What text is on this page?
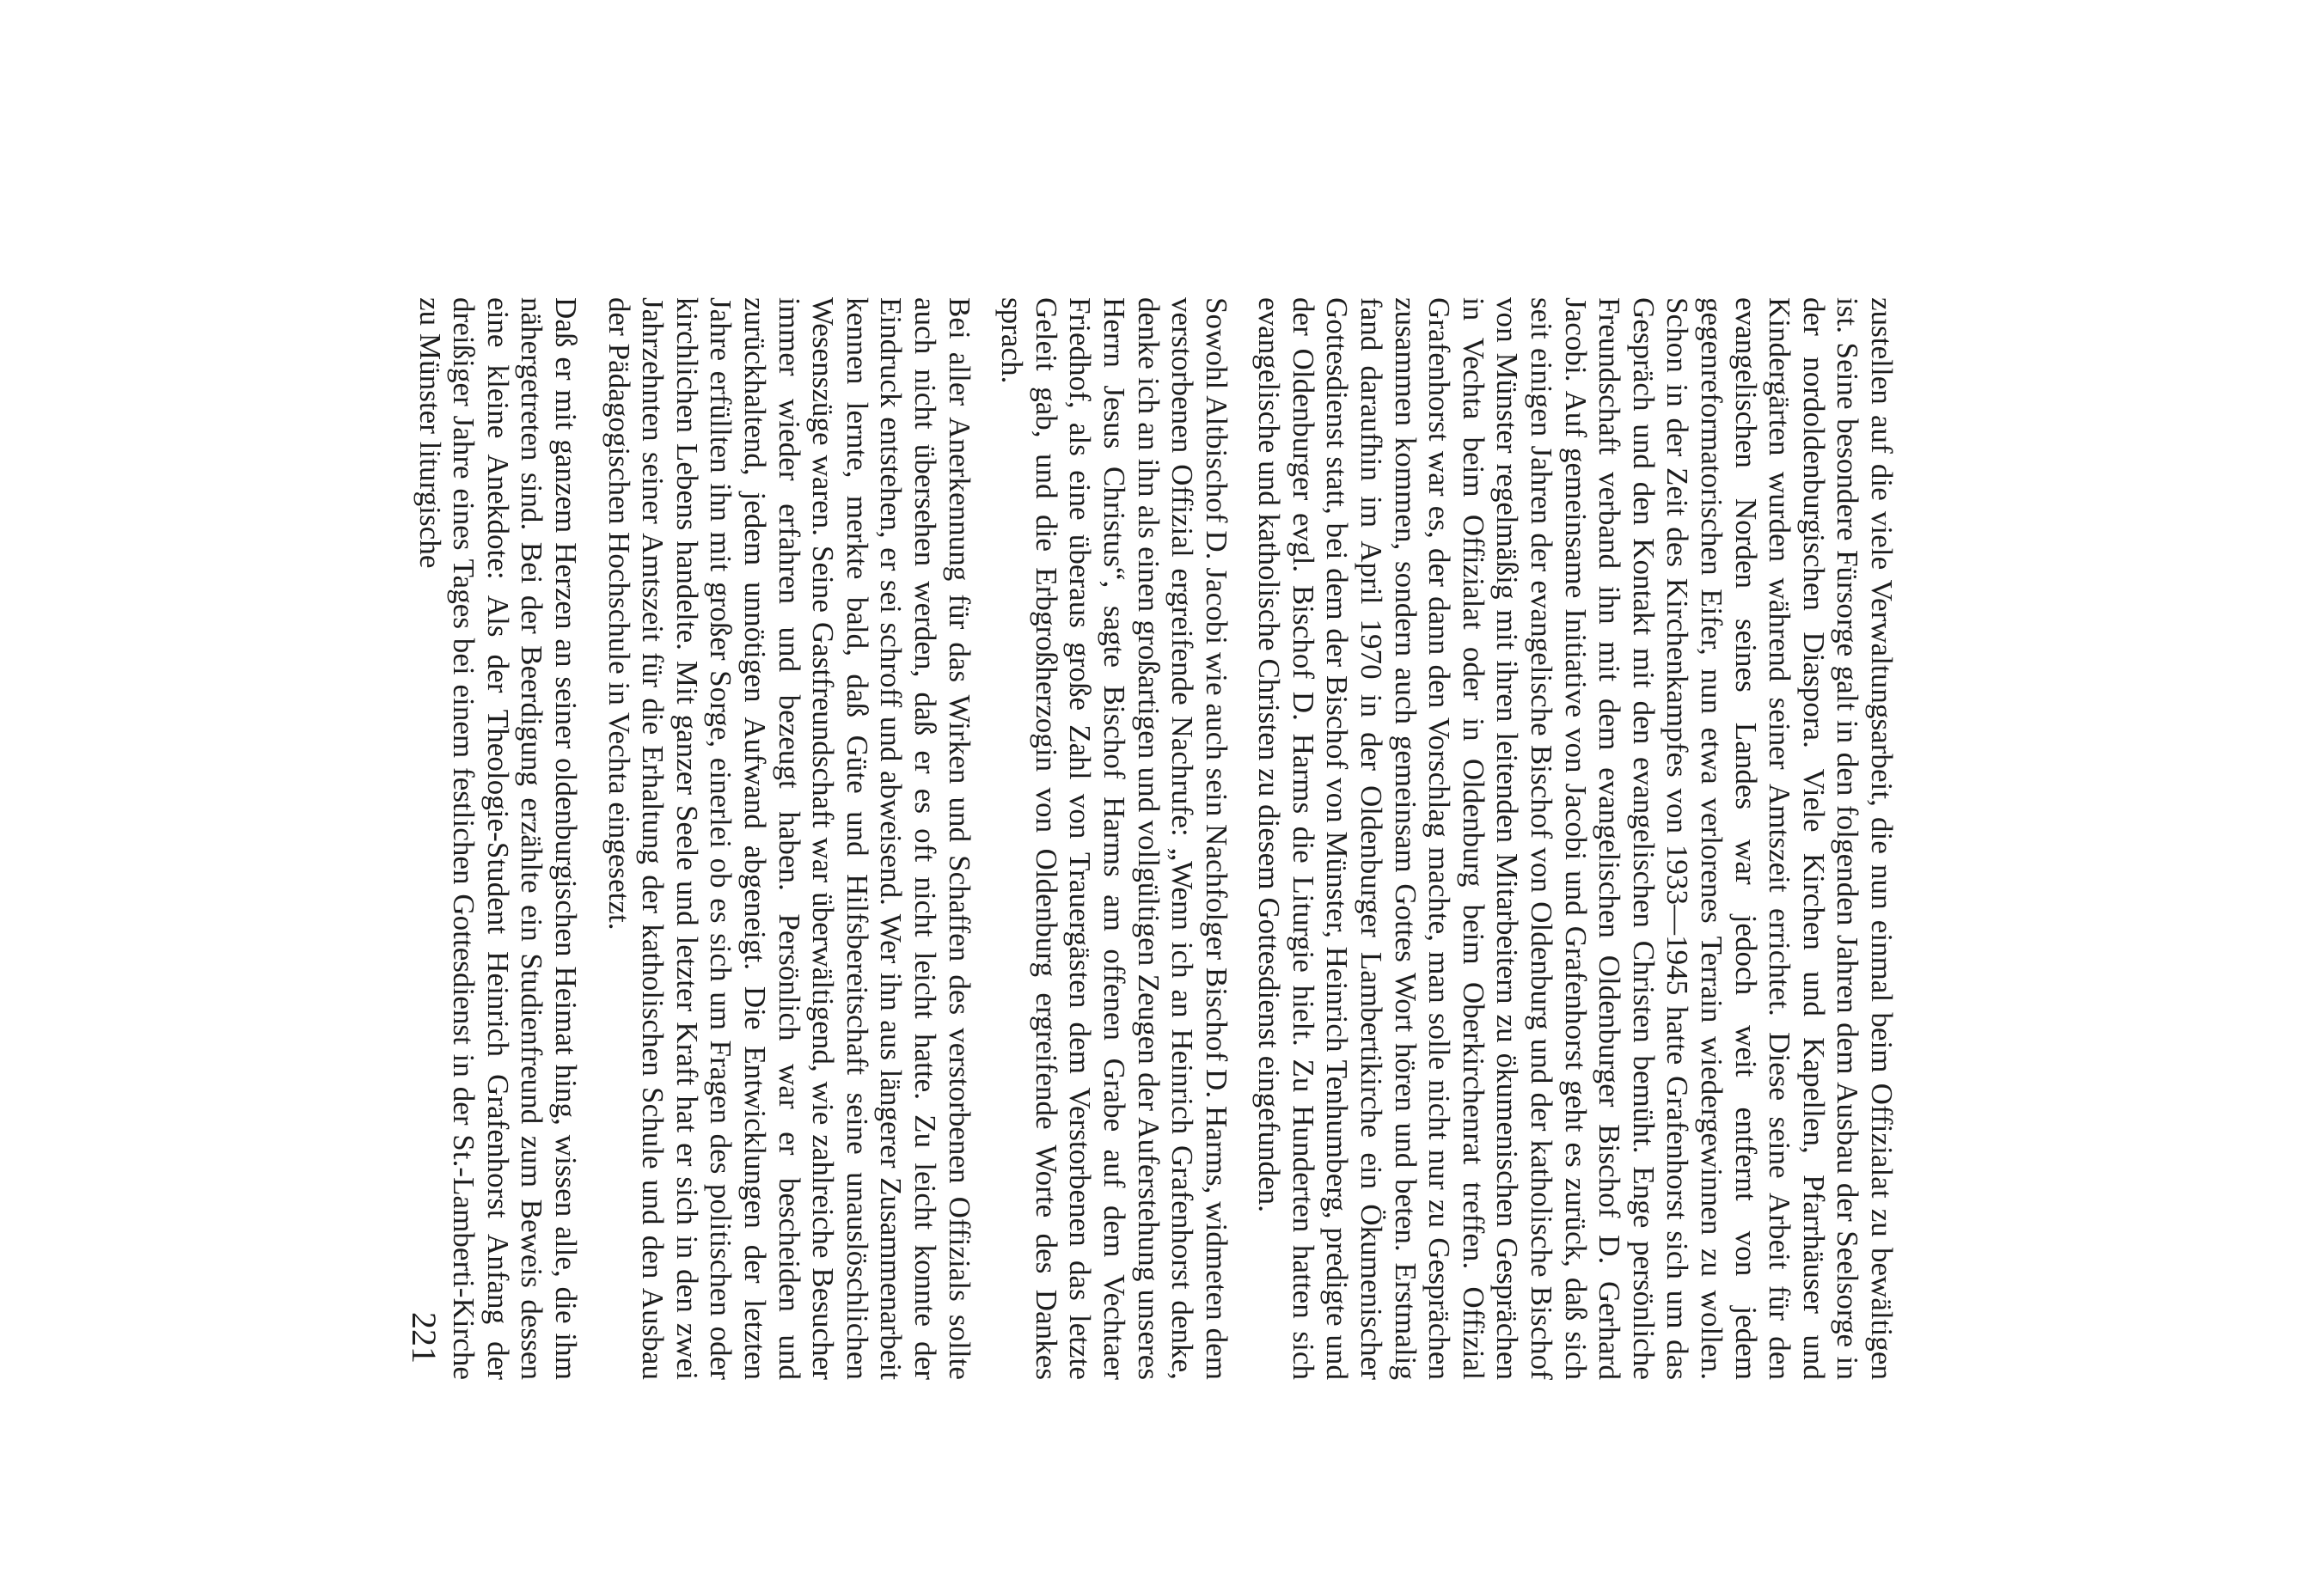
zustellen auf die viele Verwaltungsarbeit, die nun einmal beim Offizialat zu bewältigen ist. Seine besondere Fürsorge galt in den folgenden Jahren dem Ausbau der Seelsorge in der nordoldenburgischen Diaspora. Viele Kirchen und Kapellen, Pfarrhäuser und Kindergärten wurden während seiner Amtszeit errichtet. Diese seine Arbeit für den evangelischen Norden seines Landes war jedoch weit entfernt von jedem gegenreformatorischen Eifer, nun etwa verlorenes Terrain wiedergewinnen zu wollen. Schon in der Zeit des Kirchenkampfes von 1933—1945 hatte Grafenhorst sich um das Gespräch und den Kontakt mit den evangelischen Christen bemüht. Enge persönliche Freundschaft verband ihn mit dem evangelischen Oldenburger Bischof D. Gerhard Jacobi. Auf gemeinsame Initiative von Jacobi und Grafenhorst geht es zurück, daß sich seit einigen Jahren der evangelische Bischof von Oldenburg und der katholische Bischof von Münster regelmäßig mit ihren leitenden Mitarbeitern zu ökumenischen Gesprächen in Vechta beim Offizialat oder in Oldenburg beim Oberkirchenrat treffen. Offizial Grafenhorst war es, der dann den Vorschlag machte, man solle nicht nur zu Gesprächen zusammen kommen, sondern auch gemeinsam Gottes Wort hören und beten. Erstmalig fand daraufhin im April 1970 in der Oldenburger Lambertikirche ein Ökumenischer Gottesdienst statt, bei dem der Bischof von Münster, Heinrich Tenhumberg, predigte und der Oldenburger evgl. Bischof D. Harms die Liturgie hielt. Zu Hunderten hatten sich evangelische und katholische Christen zu diesem Gottesdienst eingefunden.

Sowohl Altbischof D. Jacobi wie auch sein Nachfolger Bischof D. Harms, widmeten dem verstorbenen Offizial ergreifende Nachrufe: „Wenn ich an Heinrich Grafenhorst denke, denke ich an ihn als einen großartigen und vollgültigen Zeugen der Auferstehung unseres Herrn Jesus Christus“, sagte Bischof Harms am offenen Grabe auf dem Vechtaer Friedhof, als eine überaus große Zahl von Trauergästen dem Verstorbenen das letzte Geleit gab, und die Erbgroßherzogin von Oldenburg ergreifende Worte des Dankes sprach.

Bei aller Anerkennung für das Wirken und Schaffen des verstorbenen Offizials sollte auch nicht übersehen werden, daß er es oft nicht leicht hatte. Zu leicht konnte der Eindruck entstehen, er sei schroff und abweisend. Wer ihn aus längerer Zusammenarbeit kennen lernte, merkte bald, daß Güte und Hilfsbereitschaft seine unauslöschlichen Wesenszüge waren. Seine Gastfreundschaft war überwältigend, wie zahlreiche Besucher immer wieder erfahren und bezeugt haben. Persönlich war er bescheiden und zurückhaltend, jedem unnötigen Aufwand abgeneigt. Die Entwicklungen der letzten Jahre erfüllten ihn mit großer Sorge, einerlei ob es sich um Fragen des politischen oder kirchlichen Lebens handelte. Mit ganzer Seele und letzter Kraft hat er sich in den zwei Jahrzehnten seiner Amtszeit für die Erhaltung der katholischen Schule und den Ausbau der Pädagogischen Hochschule in Vechta eingesetzt.

Daß er mit ganzem Herzen an seiner oldenburgischen Heimat hing, wissen alle, die ihm nähergetreten sind. Bei der Beerdigung erzählte ein Studienfreund zum Beweis dessen eine kleine Anekdote: Als der Theologie-Student Heinrich Grafenhorst Anfang der dreißiger Jahre eines Tages bei einem festlichen Gottesdienst in der St.-Lamberti-Kirche zu Münster liturgische

221
